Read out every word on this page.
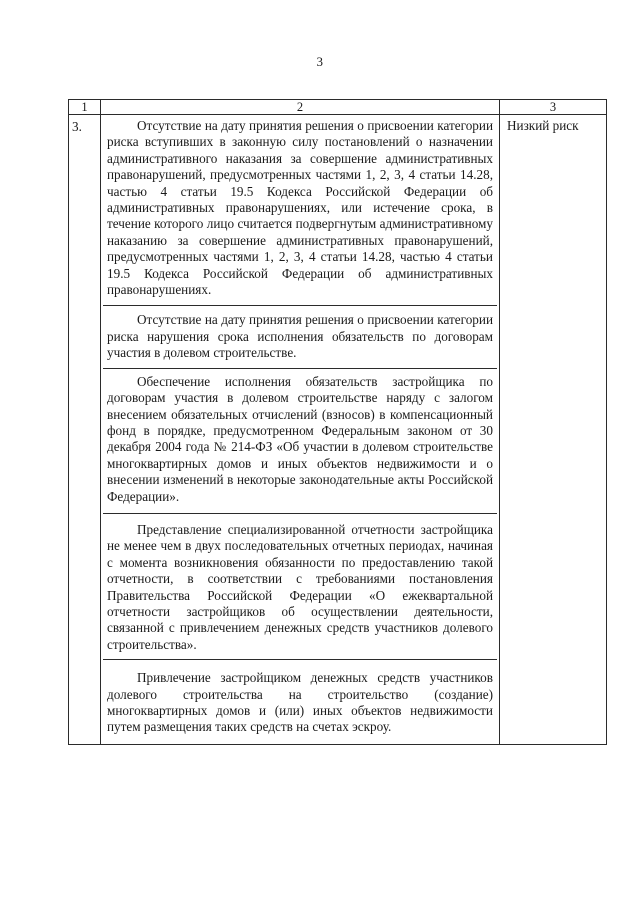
3
1	2	3

3.	Отсутствие на дату принятия решения о присвоении категории риска вступивших в законную силу постановлений о назначении административного наказания за совершение административных правонарушений, предусмотренных частями 1, 2, 3, 4 статьи 14.28, частью 4 статьи 19.5 Кодекса Российской Федерации об административных правонарушениях, или истечение срока, в течение которого лицо считается подвергнутым административному наказанию за совершение административных правонарушений, предусмотренных частями 1, 2, 3, 4 статьи 14.28, частью 4 статьи 19.5 Кодекса Российской Федерации об административных правонарушениях.
Отсутствие на дату принятия решения о присвоении категории риска нарушения срока исполнения обязательств по договорам участия в долевом строительстве.
Обеспечение исполнения обязательств застройщика по договорам участия в долевом строительстве наряду с залогом внесением обязательных отчислений (взносов) в компенсационный фонд в порядке, предусмотренном Федеральным законом от 30 декабря 2004 года № 214-ФЗ «Об участии в долевом строительстве многоквартирных домов и иных объектов недвижимости и о внесении изменений в некоторые законодательные акты Российской Федерации».
Представление специализированной отчетности застройщика не менее чем в двух последовательных отчетных периодах, начиная с момента возникновения обязанности по предоставлению такой отчетности, в соответствии с требованиями постановления Правительства Российской Федерации «О ежеквартальной отчетности застройщиков об осуществлении деятельности, связанной с привлечением денежных средств участников долевого строительства».
Привлечение застройщиком денежных средств участников долевого строительства на строительство (создание) многоквартирных домов и (или) иных объектов недвижимости путем размещения таких средств на счетах эскроу.	Низкий риск
